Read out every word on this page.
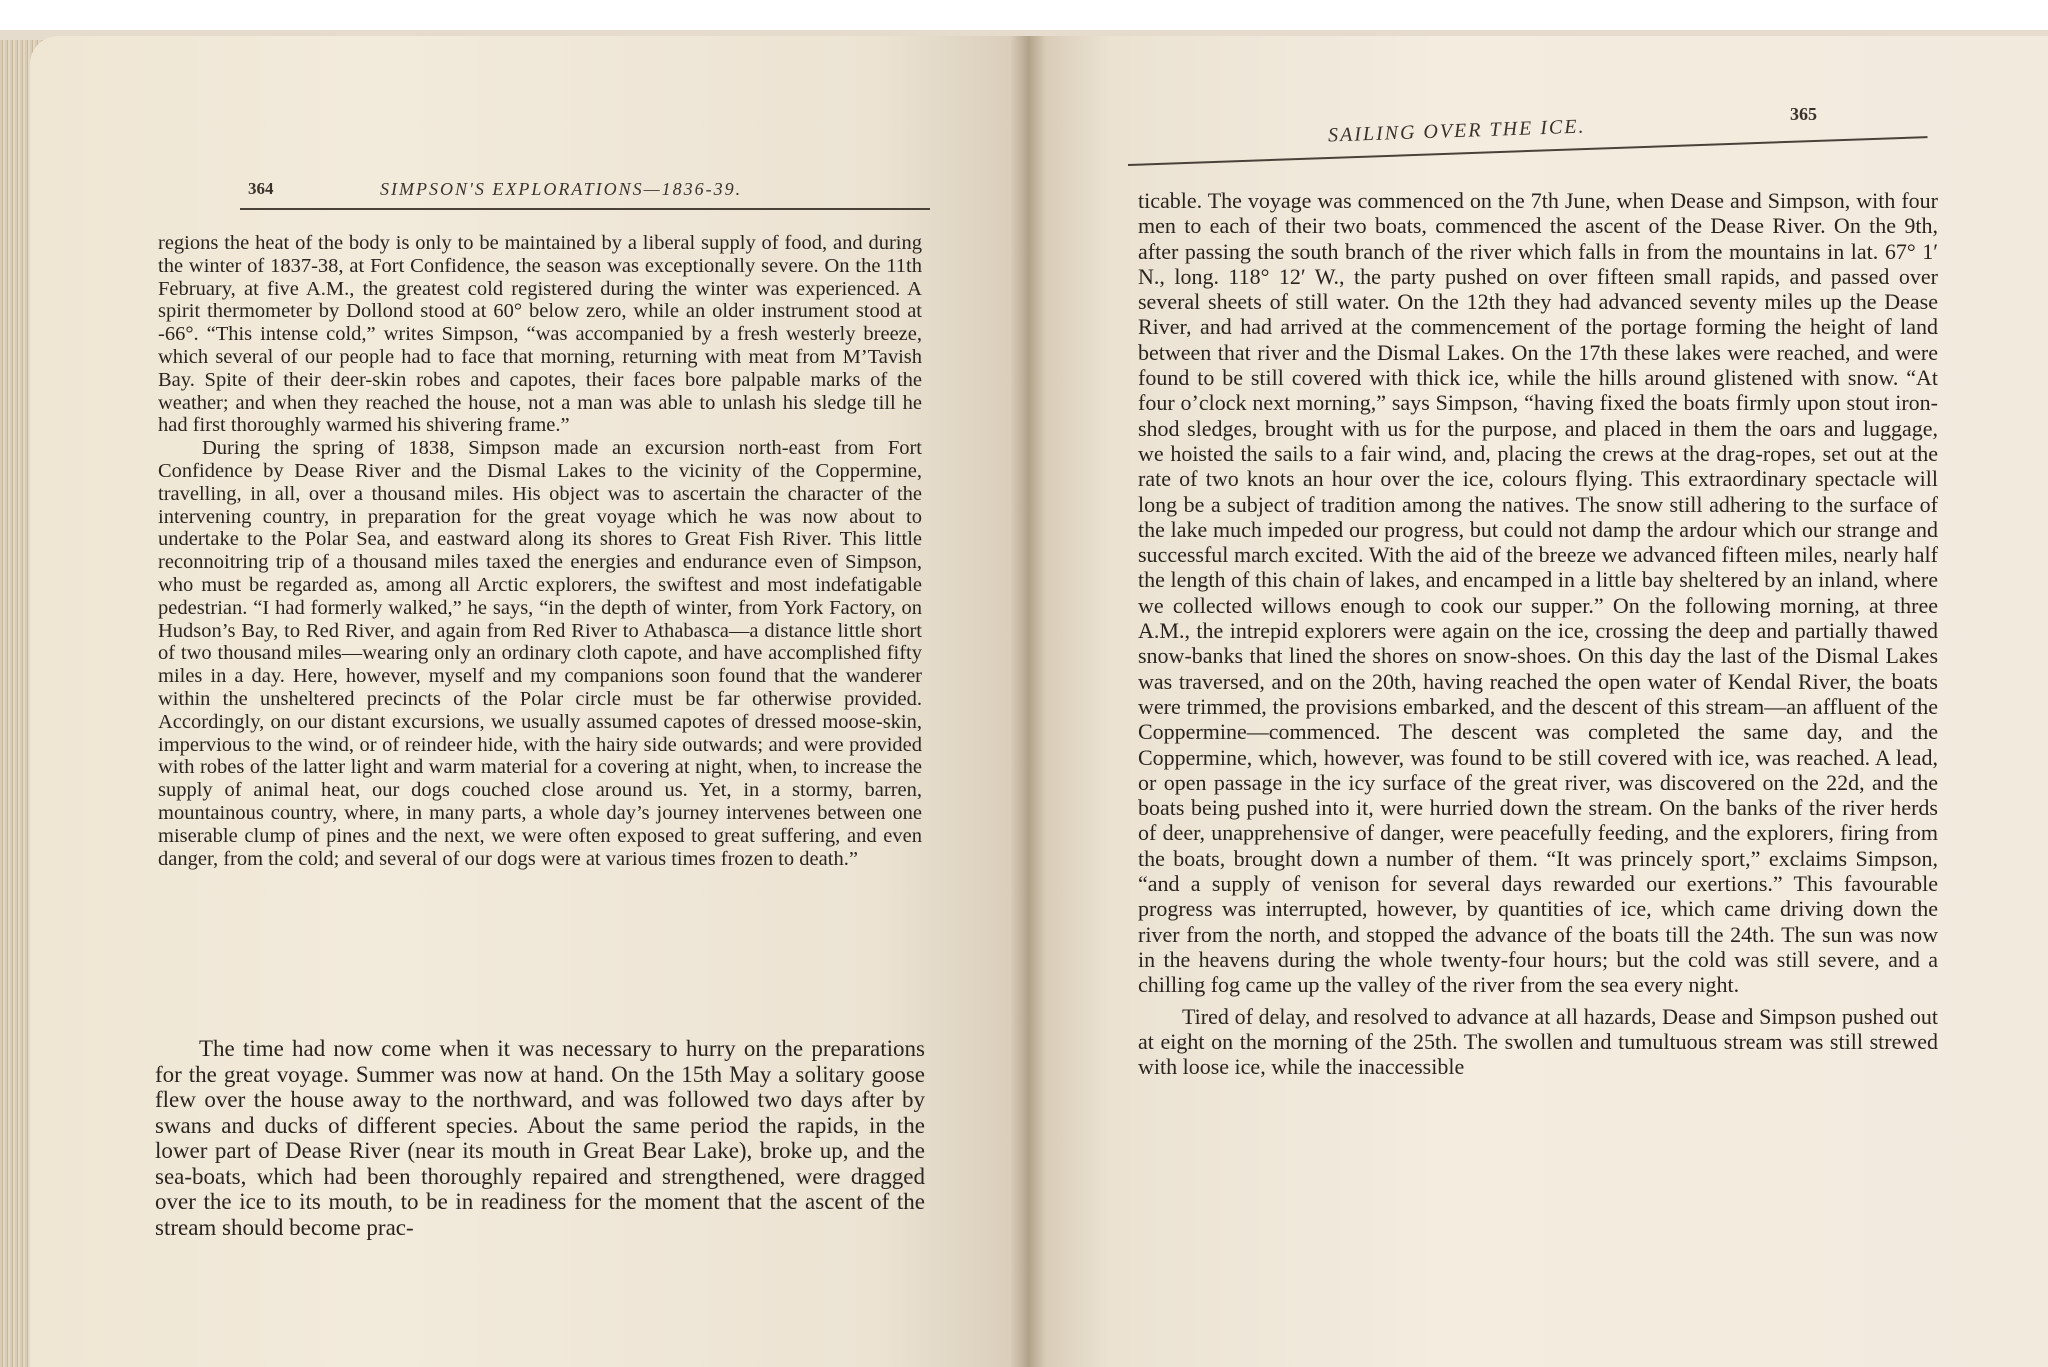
364	SIMPSON'S EXPLORATIONS—1836-39.

regions the heat of the body is only to be maintained by a liberal supply of food, and during the winter of 1837-38, at Fort Confidence, the season was exceptionally severe. On the 11th February, at five A.M., the greatest cold registered during the winter was experienced. A spirit thermometer by Dollond stood at 60° below zero, while an older instrument stood at -66°. “This intense cold,” writes Simpson, “was accompanied by a fresh westerly breeze, which several of our people had to face that morning, returning with meat from M’Tavish Bay. Spite of their deer-skin robes and capotes, their faces bore palpable marks of the weather; and when they reached the house, not a man was able to unlash his sledge till he had first thoroughly warmed his shivering frame.”

During the spring of 1838, Simpson made an excursion north-east from Fort Confidence by Dease River and the Dismal Lakes to the vicinity of the Coppermine, travelling, in all, over a thousand miles. His object was to ascertain the character of the intervening country, in preparation for the great voyage which he was now about to undertake to the Polar Sea, and eastward along its shores to Great Fish River. This little reconnoitring trip of a thousand miles taxed the energies and endurance even of Simpson, who must be regarded as, among all Arctic explorers, the swiftest and most indefatigable pedestrian. “I had formerly walked,” he says, “in the depth of winter, from York Factory, on Hudson’s Bay, to Red River, and again from Red River to Athabasca—a distance little short of two thousand miles—wearing only an ordinary cloth capote, and have accomplished fifty miles in a day. Here, however, myself and my companions soon found that the wanderer within the unsheltered precincts of the Polar circle must be far otherwise provided. Accordingly, on our distant excursions, we usually assumed capotes of dressed moose-skin, impervious to the wind, or of reindeer hide, with the hairy side outwards; and were provided with robes of the latter light and warm material for a covering at night, when, to increase the supply of animal heat, our dogs couched close around us. Yet, in a stormy, barren, mountainous country, where, in many parts, a whole day’s journey intervenes between one miserable clump of pines and the next, we were often exposed to great suffering, and even danger, from the cold; and several of our dogs were at various times frozen to death.”

The time had now come when it was necessary to hurry on the preparations for the great voyage. Summer was now at hand. On the 15th May a solitary goose flew over the house away to the northward, and was followed two days after by swans and ducks of different species. About the same period the rapids, in the lower part of Dease River (near its mouth in Great Bear Lake), broke up, and the sea-boats, which had been thoroughly repaired and strengthened, were dragged over the ice to its mouth, to be in readiness for the moment that the ascent of the stream should become prac-

SAILING OVER THE ICE.
365

ticable. The voyage was commenced on the 7th June, when Dease and Simpson, with four men to each of their two boats, commenced the ascent of the Dease River. On the 9th, after passing the south branch of the river which falls in from the mountains in lat. 67° 1′ N., long. 118° 12′ W., the party pushed on over fifteen small rapids, and passed over several sheets of still water. On the 12th they had advanced seventy miles up the Dease River, and had arrived at the commencement of the portage forming the height of land between that river and the Dismal Lakes. On the 17th these lakes were reached, and were found to be still covered with thick ice, while the hills around glistened with snow. “At four o’clock next morning,” says Simpson, “having fixed the boats firmly upon stout iron-shod sledges, brought with us for the purpose, and placed in them the oars and luggage, we hoisted the sails to a fair wind, and, placing the crews at the drag-ropes, set out at the rate of two knots an hour over the ice, colours flying. This extraordinary spectacle will long be a subject of tradition among the natives. The snow still adhering to the surface of the lake much impeded our progress, but could not damp the ardour which our strange and successful march excited. With the aid of the breeze we advanced fifteen miles, nearly half the length of this chain of lakes, and encamped in a little bay sheltered by an inland, where we collected willows enough to cook our supper.” On the following morning, at three A.M., the intrepid explorers were again on the ice, crossing the deep and partially thawed snow-banks that lined the shores on snow-shoes. On this day the last of the Dismal Lakes was traversed, and on the 20th, having reached the open water of Kendal River, the boats were trimmed, the provisions embarked, and the descent of this stream—an affluent of the Coppermine—commenced. The descent was completed the same day, and the Coppermine, which, however, was found to be still covered with ice, was reached. A lead, or open passage in the icy surface of the great river, was discovered on the 22d, and the boats being pushed into it, were hurried down the stream. On the banks of the river herds of deer, unapprehensive of danger, were peacefully feeding, and the explorers, firing from the boats, brought down a number of them. “It was princely sport,” exclaims Simpson, “and a supply of venison for several days rewarded our exertions.” This favourable progress was interrupted, however, by quantities of ice, which came driving down the river from the north, and stopped the advance of the boats till the 24th. The sun was now in the heavens during the whole twenty-four hours; but the cold was still severe, and a chilling fog came up the valley of the river from the sea every night.

Tired of delay, and resolved to advance at all hazards, Dease and Simpson pushed out at eight on the morning of the 25th. The swollen and tumultuous stream was still strewed with loose ice, while the inaccessible
